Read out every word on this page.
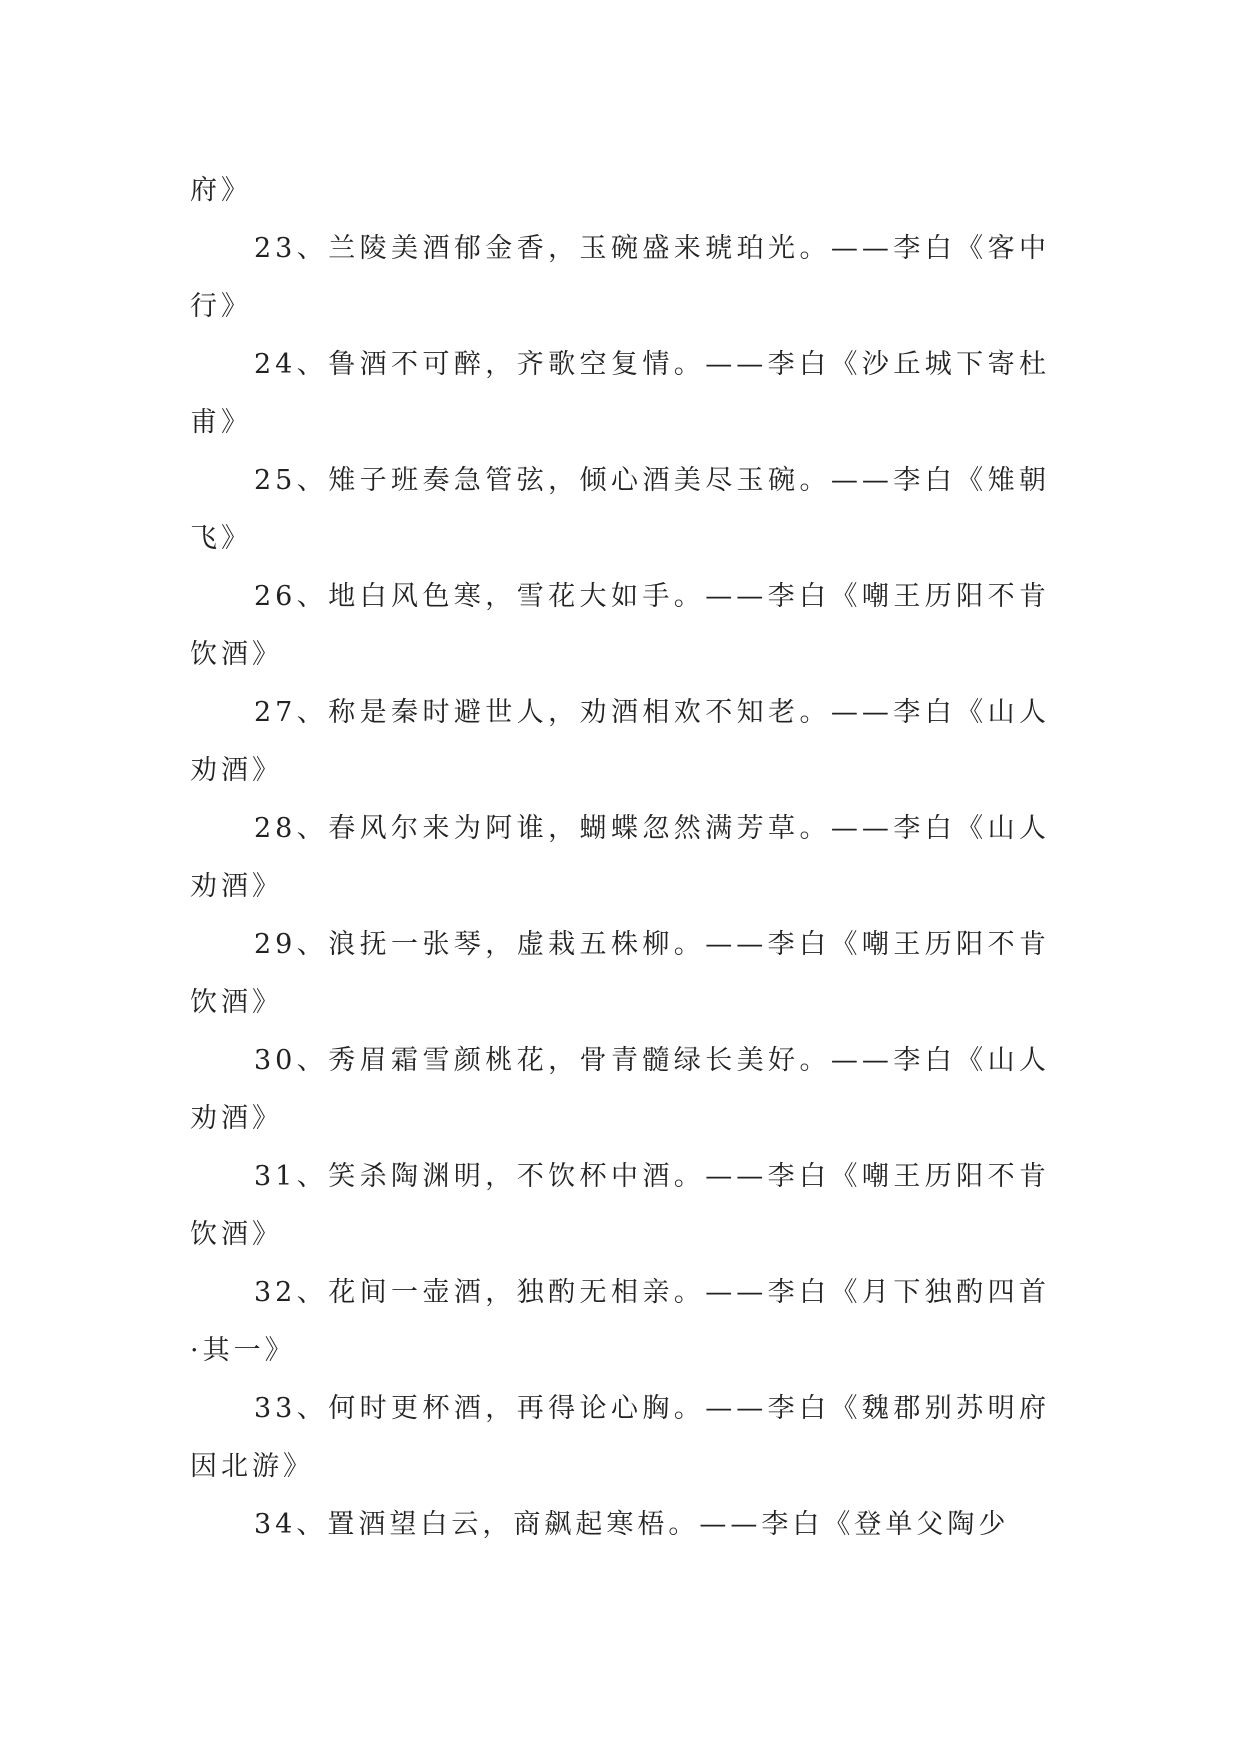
府》

23、兰陵美酒郁金香，玉碗盛来琥珀光。——李白《客中行》

24、鲁酒不可醉，齐歌空复情。——李白《沙丘城下寄杜甫》

25、雉子班奏急管弦，倾心酒美尽玉碗。——李白《雉朝飞》

26、地白风色寒，雪花大如手。——李白《嘲王历阳不肯饮酒》

27、称是秦时避世人，劝酒相欢不知老。——李白《山人劝酒》

28、春风尔来为阿谁，蝴蝶忽然满芳草。——李白《山人劝酒》

29、浪抚一张琴，虚栽五株柳。——李白《嘲王历阳不肯饮酒》

30、秀眉霜雪颜桃花，骨青髓绿长美好。——李白《山人劝酒》

31、笑杀陶渊明，不饮杯中酒。——李白《嘲王历阳不肯饮酒》

32、花间一壶酒，独酌无相亲。——李白《月下独酌四首·其一》

33、何时更杯酒，再得论心胸。——李白《魏郡别苏明府因北游》

34、置酒望白云，商飙起寒梧。——李白《登单父陶少
